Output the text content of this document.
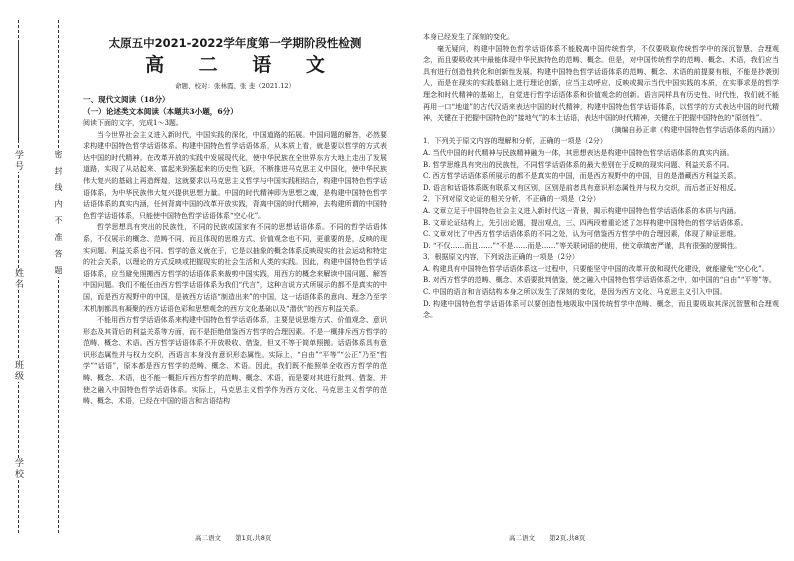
学号
姓名
班级
学校
密 封 线 内 不 准 答 题
太原五中2021-2022学年度第一学期阶段性检测
高 二 语 文
命题、校对：张林霞、张 斐（2021.12）
一、现代文阅读（18分）
（一）论述类文本阅读（本题共3小题，6分）
阅读下面的文字，完成1～3题。
当今世界社会主义进入新时代，中国实践的深化，中国道路的拓展。中国问题的解答，必然要求构建中国特色哲学话语体系。构建中国特色哲学话语体系，从本质上看，就是要以哲学的方式表达中国的时代精神。在改革开放的实践中发展现代化，使中华民族在全世界东方大地上走出了发展道路，实现了从站起来、富起来到强起来的历史性飞跃，不断推进马克思主义中国化，使中华民族伟大复兴的基础上再造辉煌，这就要求以马克思主义哲学与中国实践相结合，构建中国特色哲学话语体系，为中华民族伟大复兴提供思想力量。中国的时代精神即为思想之魂，是构建中国特色哲学话语体系的真实内涵，任何背离中国的改革开放实践，背离中国的时代精神，去构建所谓的中国特色哲学话语体系，只能使中国特色哲学话语体系“空心化”。
哲学思想具有突出的民族性，不同的民族或国家有不同的思想话语体系。不同的哲学话语体系，不仅展示的概念、范畴不同，而且体现的思维方式、价值观念也不同，更重要的是，反映的现实问题、利益关系也不同。哲学的意义就在于，它是以抽象的概念体系反映现实的社会运动和特定的社会关系，以理论的方式反映或把握现实的社会生活和人类的实践。因此，构建中国特色哲学话语体系，应当避免照搬西方哲学的话语体系来裁剪中国实践，用西方的概念来解读中国问题、解答中国问题。我们不能任由西方哲学话语体系为我们“代言”，这种言说方式所展示的都不是真实的中国，而是西方视野中的中国，是被西方话语“制造出来”的中国，这一话语体系的意向、理念乃至学术机制都具有凝聚的西方话语色彩和思想观念的西方文化基础以及“潜伏”的西方利益关系。
不能用西方哲学话语体系来构建中国特色哲学话语体系，主要是说思维方式、价值观念、意识形态及其背后的利益关系等方面，而不是拒绝借鉴西方哲学的合理因素。不是一概排斥西方哲学的范畴、概念、术语。西方哲学话语体系不开放吸收、借鉴，但又不等于简单照搬。话语体系具有意识形态属性并与权力交织，西语言本身没有意识形态属性。实际上，“自由”“平等”“公正”乃至“哲学”“话语”，原本都是西方哲学的范畴、概念、术语。因此，我们既不能照单全收西方哲学的范畴、概念、术语，也不能一概拒斥西方哲学的范畴、概念、术语，而是要对其进行批判、借鉴，并使之融入中国特色哲学话语体系。实际上，马克思主义哲学作为西方文化、马克思主义哲学的范畴、概念、术语，已经在中国的语言和言语结构
高二语文 第1页,共8页
本身已经发生了深刻的变化。
毫无疑问，构建中国特色哲学话语体系不能脱离中国传统哲学，不仅要吸取传统哲学中的深沉智慧、合理观念，而且要吸收其中最能体现中华民族特色的范畴、概念。但是，对中国传统哲学的范畴、概念、术语，我们应当具有进行创造性转化和创新性发展。构建中国特色哲学话语体系的范畴、概念、术语的前提要有根，不能是抄袭别人，而是在现实的实践基础上进行理论创新，应当主动呼应、反映或揭示当代中国实践的本质，在实事求是的哲学理念和时代精神的基础上，自觉进行哲学话语体系和价值观念的创新。语言同样具有历史性、时代性，我们就不能再用一口“地道”的古代汉语来表达中国的时代精神，构建中国特色哲学话语体系，以哲学的方式表达中国的时代精神，关键在于把握中国特色的“接地气”的本土话语，表达中国的时代精神，关键在于把握中国特色的“原创性”。
（摘编自孙正聿《构建中国特色哲学话语体系的内涵》）
1．下列关于原文内容的理解和分析，正确的一项是（2分）
A. 当代中国的时代精神与民族精神融为一体，其思想表达是构建中国特色哲学话语体系的真实内涵。
B. 哲学思维具有突出的民族性，不同哲学话语体系的最大差别在于反映的现实问题、利益关系不同。
C. 西方哲学话语体系所展示的都不是真实的中国，而是西方视野中的中国，目的是潜藏西方利益关系。
D. 语言和话语体系既有联系又有区别，区别是前者具有意识形态属性并与权力交织，而后者正好相反。
2．下列对原文论证的相关分析，不正确的一项是（2分）
A. 文章立足于中国特色社会主义进入新时代这一背景，揭示构建中国特色哲学话语体系的本质与内涵。
B. 文章论证结构上，先引出论题，提出观点，三、四两段着重论述了怎样构建中国特色的哲学话语体系。
C. 文章对比了中西方哲学话语体系的不同之处，认为可借鉴西方哲学中的合理因素，体现了辩证思维。
D. “不仅……而且……”“不是……而是……”等关联词语的使用，使文章缜密严谨，具有很强的逻辑性。
3．根据原文内容，下列说法正确的一项是（2分）
A. 构建具有中国特色哲学话语体系这一过程中，只要能坚守中国的改革开放和现代化建设，就能避免“空心化”。
B. 对西方哲学的范畴、概念、术语要批判借鉴，使之融入中国特色哲学话语体系之中，如中国的“自由”“平等”等。
C. 中国的语言和言语结构本身之所以发生了深刻的变化，是因为西方文化、马克思主义引入中国。
D. 构建中国特色哲学话语体系可以要创造性地吸取中国传统哲学中范畴、概念，而且要吸取其深沉智慧和合理观念。
高二语文 第2页,共8页
